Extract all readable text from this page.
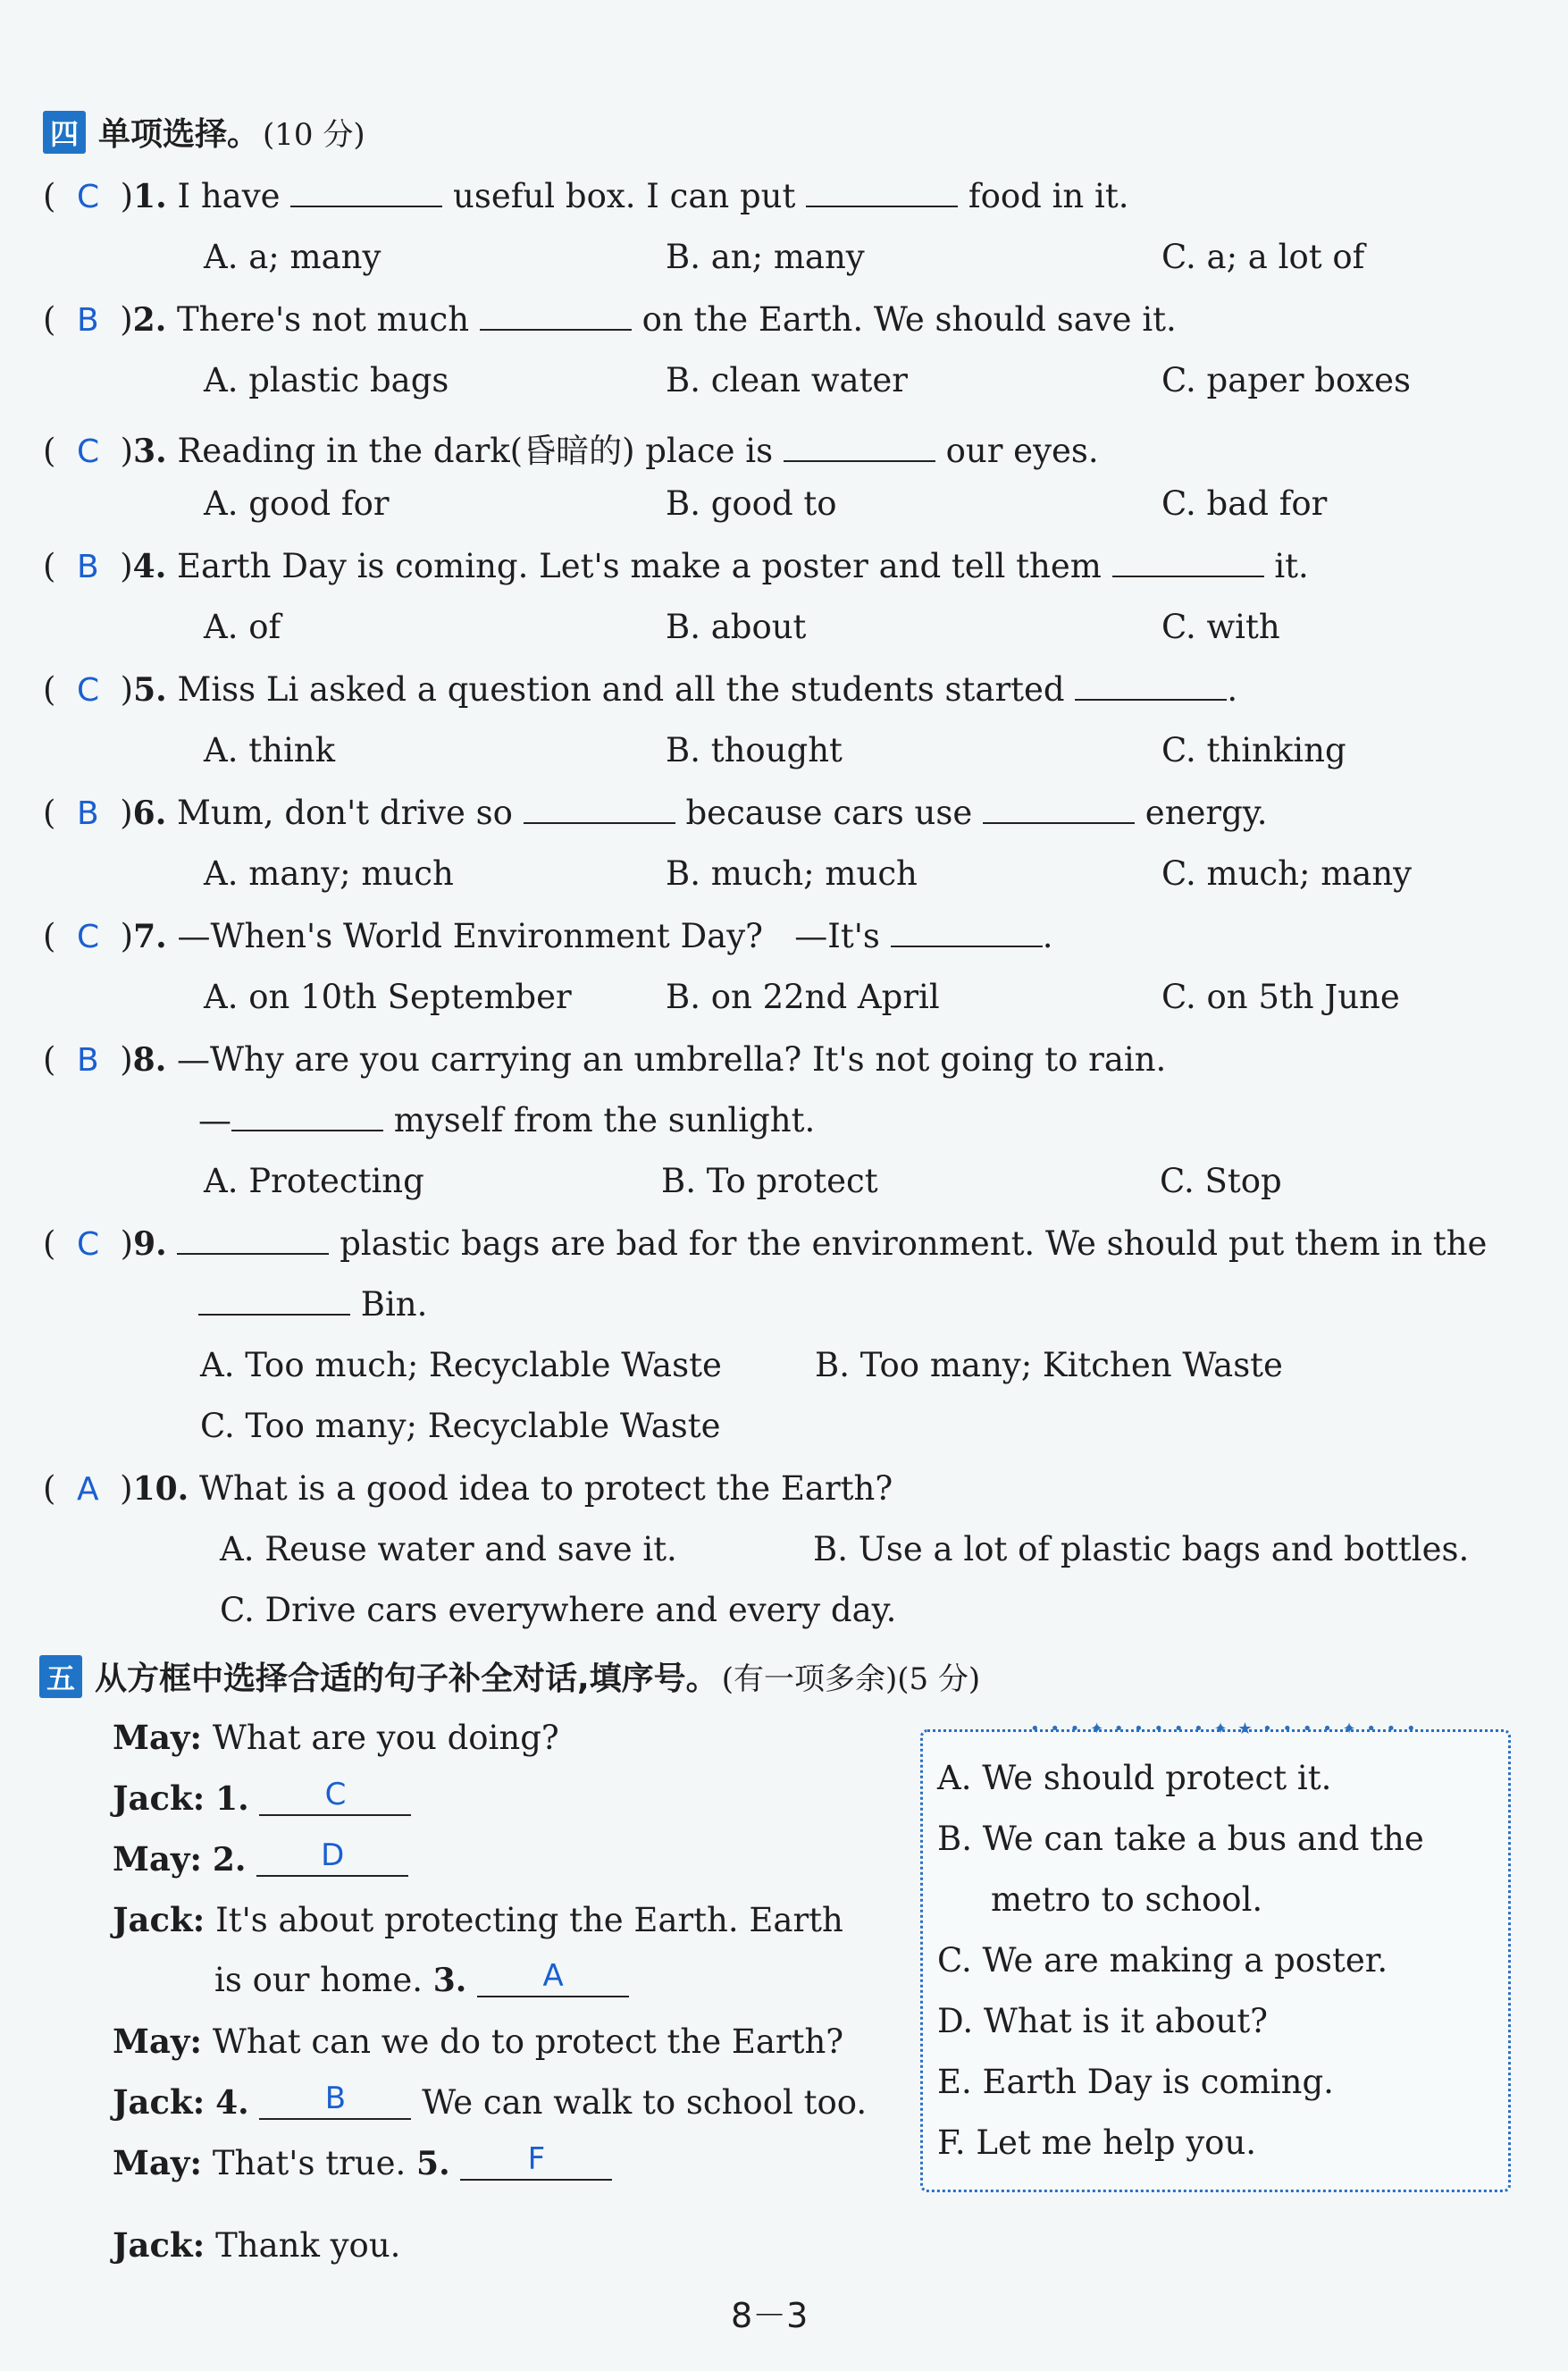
四 单项选择。 (10 分)
(  C  )1. I have	useful box. I can put	food in it.
A. a; many	B. an; many	C. a; a lot of
(  B  )2. There's not much	on the Earth. We should save it.
A. plastic bags	B. clean water	C. paper boxes
(  C  )3. Reading in the dark(昏暗的) place is	our eyes.
A. good for	B. good to	C. bad for
(  B  )4. Earth Day is coming. Let's make a poster and tell them	it.
A. of	B. about	C. with
(  C  )5. Miss Li asked a question and all the students started	.
A. think	B. thought	C. thinking
(  B  )6. Mum, don't drive so	because cars use	energy.
A. many; much	B. much; much	C. much; many
(  C  )7. —When's World Environment Day? —It's	.
A. on 10th September	B. on 22nd April	C. on 5th June
(  B  )8. —Why are you carrying an umbrella? It's not going to rain.
—	myself from the sunlight.
A. Protecting	B. To protect	C. Stop
(  C  )9.	plastic bags are bad for the environment. We should put them in the
Bin.
A. Too much; Recyclable Waste	B. Too many; Kitchen Waste
C. Too many; Recyclable Waste
(  A  )10. What is a good idea to protect the Earth?
A. Reuse water and save it.	B. Use a lot of plastic bags and bottles.
C. Drive cars everywhere and every day.
五 从方框中选择合适的句子补全对话,填序号。 (有一项多余)(5 分)
May: What are you doing?
Jack: 1. C
May: 2. D
Jack: It's about protecting the Earth. Earth
is our home. 3.	A
May: What can we do to protect the Earth?
Jack: 4.	B We can walk to school too.
May: That's true. 5.	F
Jack: Thank you.
• • • ✦ • • • • • ✦ ★ • • • • ✦ • • •
A. We should protect it.
B. We can take a bus and the
metro to school.
C. We are making a poster.
D. What is it about?
E. Earth Day is coming.
F. Let me help you.
8－3
